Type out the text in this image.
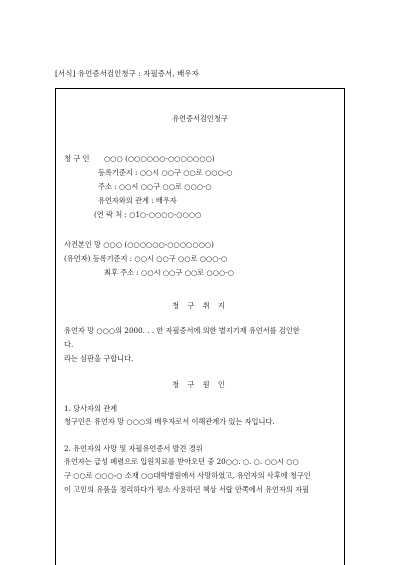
[서식] 유언증서검인청구 : 자필증서, 배우자
유언증서검인청구
청 구 인 ○○○ (○○○○○○-○○○○○○○)
등록기준지 : ○○시 ○○구 ○○로 ○○○-○
주소 : ○○시 ○○구 ○○로 ○○○-○
유언자와의 관계 : 배우자
(연 락 처 : ○1○-○○○○-○○○○
사건본인 망 ○○○ (○○○○○○-○○○○○○○)
(유언자) 등록기준지 : ○○시 ○○구 ○○로 ○○○-○
최후 주소 : ○○시 ○○구 ○○로 ○○○-○
청 구 취 지
유언자 망 ○○○의 2000. . . 한 자필증서에 의한 별지기재 유언서를 검인한
다.
라는 심판을 구합니다.
청 구 원 인
1. 당사자의 관계
청구인은 유언자 망 ○○○의 배우자로서 이해관계가 있는 자입니다.
2. 유언자의 사망 및 자필유언증서 발견 경위
유언자는 급성 폐렴으로 입원치료를 받아오던 중 20○○. ○. ○. ○○시 ○○
구 ○○로 ○○○-○ 소재 ○○대학병원에서 사망하였고, 유언자의 사후에 청구인
이 고인의 유품을 정리하다가 평소 사용하던 책상 서랍 안쪽에서 유언자의 자필
